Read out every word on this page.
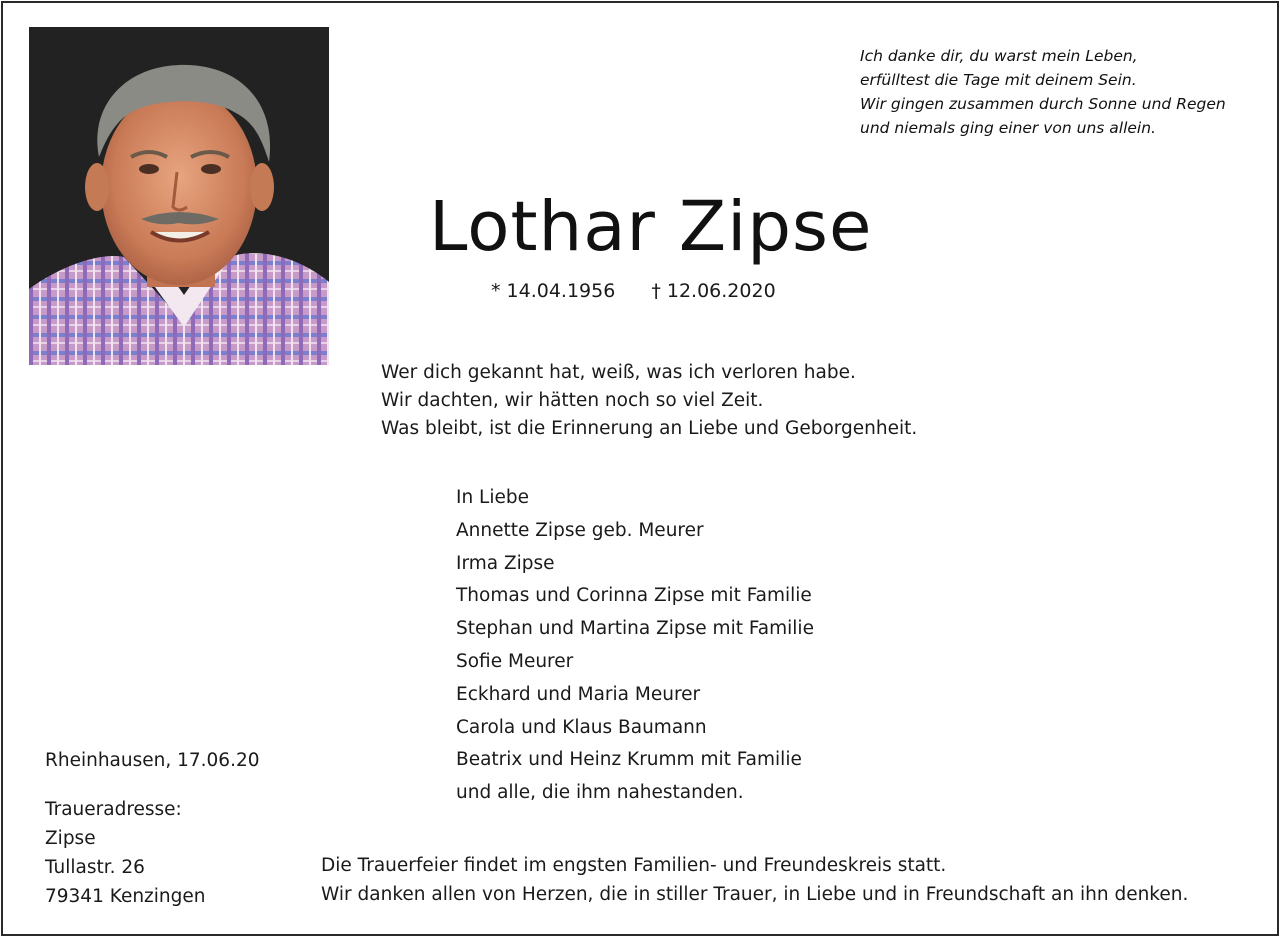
Ich danke dir, du warst mein Leben,
erfülltest die Tage mit deinem Sein.
Wir gingen zusammen durch Sonne und Regen
und niemals ging einer von uns allein.
Lothar Zipse
* 14.04.1956 † 12.06.2020
Wer dich gekannt hat, weiß, was ich verloren habe.
Wir dachten, wir hätten noch so viel Zeit.
Was bleibt, ist die Erinnerung an Liebe und Geborgenheit.
In Liebe
Annette Zipse geb. Meurer
Irma Zipse
Thomas und Corinna Zipse mit Familie
Stephan und Martina Zipse mit Familie
Sofie Meurer
Eckhard und Maria Meurer
Carola und Klaus Baumann
Beatrix und Heinz Krumm mit Familie
und alle, die ihm nahestanden.
Rheinhausen, 17.06.20
Traueradresse:
Zipse
Tullastr. 26
79341 Kenzingen
Die Trauerfeier findet im engsten Familien- und Freundeskreis statt.
Wir danken allen von Herzen, die in stiller Trauer, in Liebe und in Freundschaft an ihn denken.
